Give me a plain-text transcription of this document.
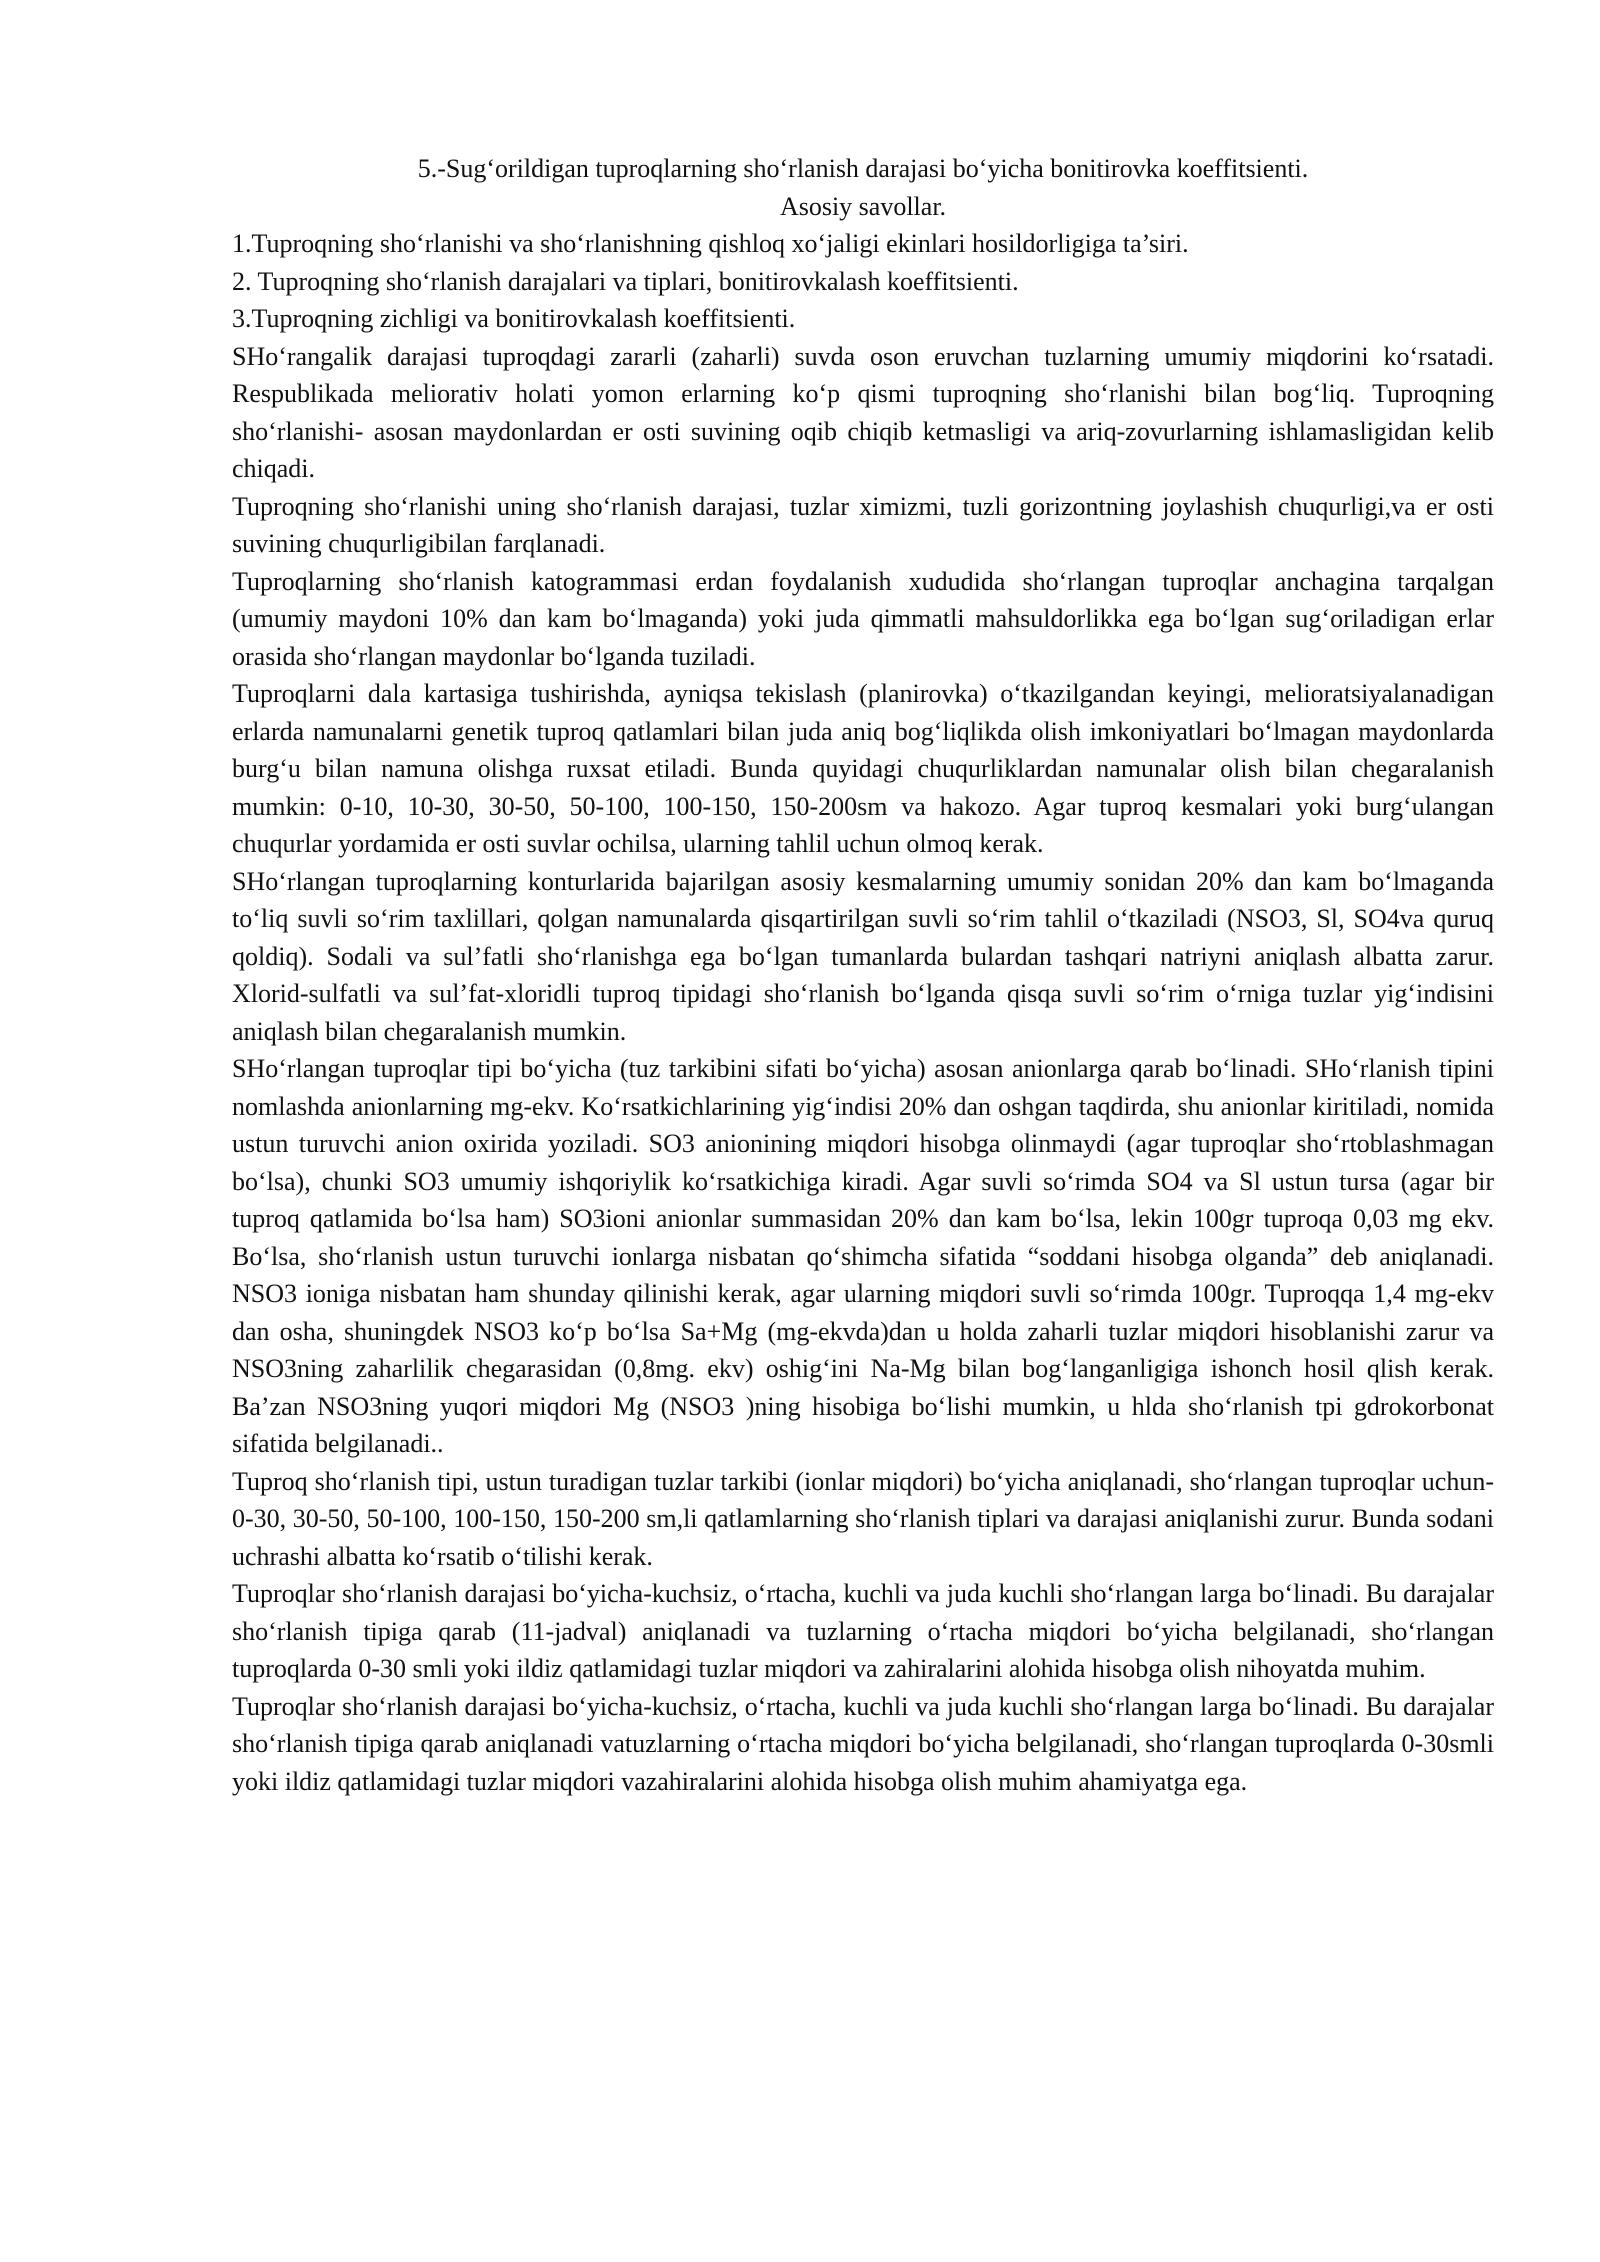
5.-Sug‘orildigan tuproqlarning sho‘rlanish darajasi bo‘yicha bonitirovka koeffitsienti.

Asosiy savollar.

1.Tuproqning sho‘rlanishi va sho‘rlanishning qishloq xo‘jaligi ekinlari hosildorligiga ta’siri.

2. Tuproqning sho‘rlanish darajalari va tiplari, bonitirovkalash koeffitsienti.

3.Tuproqning zichligi va bonitirovkalash koeffitsienti.

SHo‘rangalik darajasi tuproqdagi zararli (zaharli) suvda oson eruvchan tuzlarning umumiy miqdorini ko‘rsatadi. Respublikada meliorativ holati yomon erlarning ko‘p qismi tuproqning sho‘rlanishi bilan bog‘liq. Tuproqning sho‘rlanishi- asosan maydonlardan er osti suvining oqib chiqib ketmasligi va ariq-zovurlarning ishlamasligidan kelib chiqadi.

Tuproqning sho‘rlanishi uning sho‘rlanish darajasi, tuzlar ximizmi, tuzli gorizontning joylashish chuqurligi,va er osti suvining chuqurligibilan farqlanadi.

Tuproqlarning sho‘rlanish katogrammasi erdan foydalanish xududida sho‘rlangan tuproqlar anchagina tarqalgan (umumiy maydoni 10% dan kam bo‘lmaganda) yoki juda qimmatli mahsuldorlikka ega bo‘lgan sug‘oriladigan erlar orasida sho‘rlangan maydonlar bo‘lganda tuziladi.

Tuproqlarni dala kartasiga tushirishda, ayniqsa tekislash (planirovka) o‘tkazilgandan keyingi, melioratsiyalanadigan erlarda namunalarni genetik tuproq qatlamlari bilan juda aniq bog‘liqlikda olish imkoniyatlari bo‘lmagan maydonlarda burg‘u bilan namuna olishga ruxsat etiladi. Bunda quyidagi chuqurliklardan namunalar olish bilan chegaralanish mumkin: 0-10, 10-30, 30-50, 50-100, 100-150, 150-200sm va hakozo. Agar tuproq kesmalari yoki burg‘ulangan chuqurlar yordamida er osti suvlar ochilsa, ularning tahlil uchun olmoq kerak.

SHo‘rlangan tuproqlarning konturlarida bajarilgan asosiy kesmalarning umumiy sonidan 20% dan kam bo‘lmaganda to‘liq suvli so‘rim taxlillari, qolgan namunalarda qisqartirilgan suvli so‘rim tahlil o‘tkaziladi (NSO3, Sl, SO4va quruq qoldiq). Sodali va sul’fatli sho‘rlanishga ega bo‘lgan tumanlarda bulardan tashqari natriyni aniqlash albatta zarur. Xlorid-sulfatli va sul’fat-xloridli tuproq tipidagi sho‘rlanish bo‘lganda qisqa suvli so‘rim o‘rniga tuzlar yig‘indisini aniqlash bilan chegaralanish mumkin.

SHo‘rlangan tuproqlar tipi bo‘yicha (tuz tarkibini sifati bo‘yicha) asosan anionlarga qarab bo‘linadi. SHo‘rlanish tipini nomlashda anionlarning mg-ekv. Ko‘rsatkichlarining yig‘indisi 20% dan oshgan taqdirda, shu anionlar kiritiladi, nomida ustun turuvchi anion oxirida yoziladi. SO3 anionining miqdori hisobga olinmaydi (agar tuproqlar sho‘rtoblashmagan bo‘lsa), chunki SO3 umumiy ishqoriylik ko‘rsatkichiga kiradi. Agar suvli so‘rimda SO4 va Sl ustun tursa (agar bir tuproq qatlamida bo‘lsa ham) SO3ioni anionlar summasidan 20% dan kam bo‘lsa, lekin 100gr tuproqa 0,03 mg ekv. Bo‘lsa, sho‘rlanish ustun turuvchi ionlarga nisbatan qo‘shimcha sifatida “soddani hisobga olganda” deb aniqlanadi. NSO3 ioniga nisbatan ham shunday qilinishi kerak, agar ularning miqdori suvli so‘rimda 100gr. Tuproqqa 1,4 mg-ekv dan osha, shuningdek NSO3 ko‘p bo‘lsa Sa+Mg (mg-ekvda)dan u holda zaharli tuzlar miqdori hisoblanishi zarur va NSO3ning zaharlilik chegarasidan (0,8mg. ekv) oshig‘ini Na-Mg bilan bog‘langanligiga ishonch hosil qlish kerak. Ba’zan NSO3ning yuqori miqdori Mg (NSO3 )ning hisobiga bo‘lishi mumkin, u hlda sho‘rlanish tpi gdrokorbonat sifatida belgilanadi..

Tuproq sho‘rlanish tipi, ustun turadigan tuzlar tarkibi (ionlar miqdori) bo‘yicha aniqlanadi, sho‘rlangan tuproqlar uchun-0-30, 30-50, 50-100, 100-150, 150-200 sm,li qatlamlarning sho‘rlanish tiplari va darajasi aniqlanishi zurur. Bunda sodani uchrashi albatta ko‘rsatib o‘tilishi kerak.

Tuproqlar sho‘rlanish darajasi bo‘yicha-kuchsiz, o‘rtacha, kuchli va juda kuchli sho‘rlangan larga bo‘linadi. Bu darajalar sho‘rlanish tipiga qarab (11-jadval) aniqlanadi va tuzlarning o‘rtacha miqdori bo‘yicha belgilanadi, sho‘rlangan tuproqlarda 0-30 smli yoki ildiz qatlamidagi tuzlar miqdori va zahiralarini alohida hisobga olish nihoyatda muhim.

Tuproqlar sho‘rlanish darajasi bo‘yicha-kuchsiz, o‘rtacha, kuchli va juda kuchli sho‘rlangan larga bo‘linadi. Bu darajalar sho‘rlanish tipiga qarab aniqlanadi vatuzlarning o‘rtacha miqdori bo‘yicha belgilanadi, sho‘rlangan tuproqlarda 0-30smli yoki ildiz qatlamidagi tuzlar miqdori vazahiralarini alohida hisobga olish muhim ahamiyatga ega.
